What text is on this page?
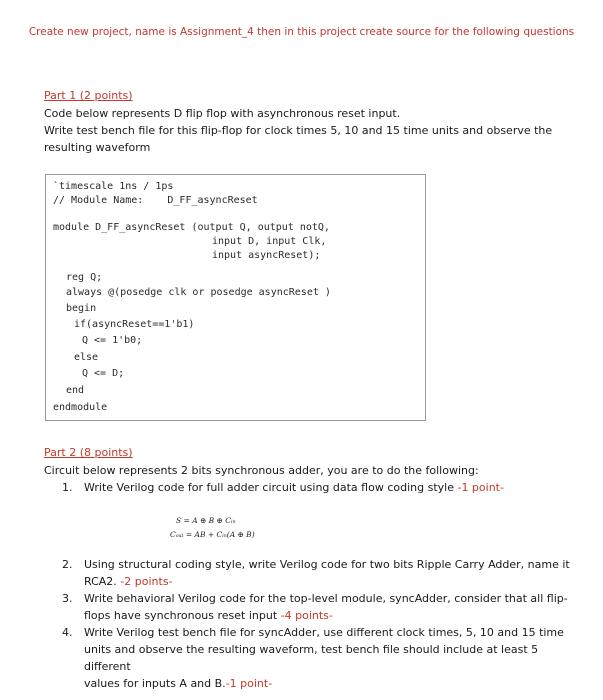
Create new project, name is Assignment_4 then in this project create source for the following questions
Part 1 (2 points)
Code below represents D flip flop with asynchronous reset input.
Write test bench file for this flip-flop for clock times 5, 10 and 15 time units and observe the
resulting waveform
`timescale 1ns / 1ps
// Module Name:    D_FF_asyncReset
module D_FF_asyncReset (output Q, output notQ,
input D, input Clk,
input asyncReset);
reg Q;
always @(posedge clk or posedge asyncReset )
begin
if(asyncReset==1'b1)
Q <= 1'b0;
else
Q <= D;
end
endmodule
Part 2 (8 points)
Circuit below represents 2 bits synchronous adder, you are to do the following:
1. Write Verilog code for full adder circuit using data flow coding style -1 point-
S = A ⊕ B ⊕ Cᵢₙ
Cₒᵤₜ = AB + Cᵢₙ(A ⊕ B)
2. Using structural coding style, write Verilog code for two bits Ripple Carry Adder, name it
RCA2. -2 points-
3. Write behavioral Verilog code for the top-level module, syncAdder, consider that all flip-
flops have synchronous reset input -4 points-
4. Write Verilog test bench file for syncAdder, use different clock times, 5, 10 and 15 time
units and observe the resulting waveform, test bench file should include at least 5 different
values for inputs A and B.-1 point-
